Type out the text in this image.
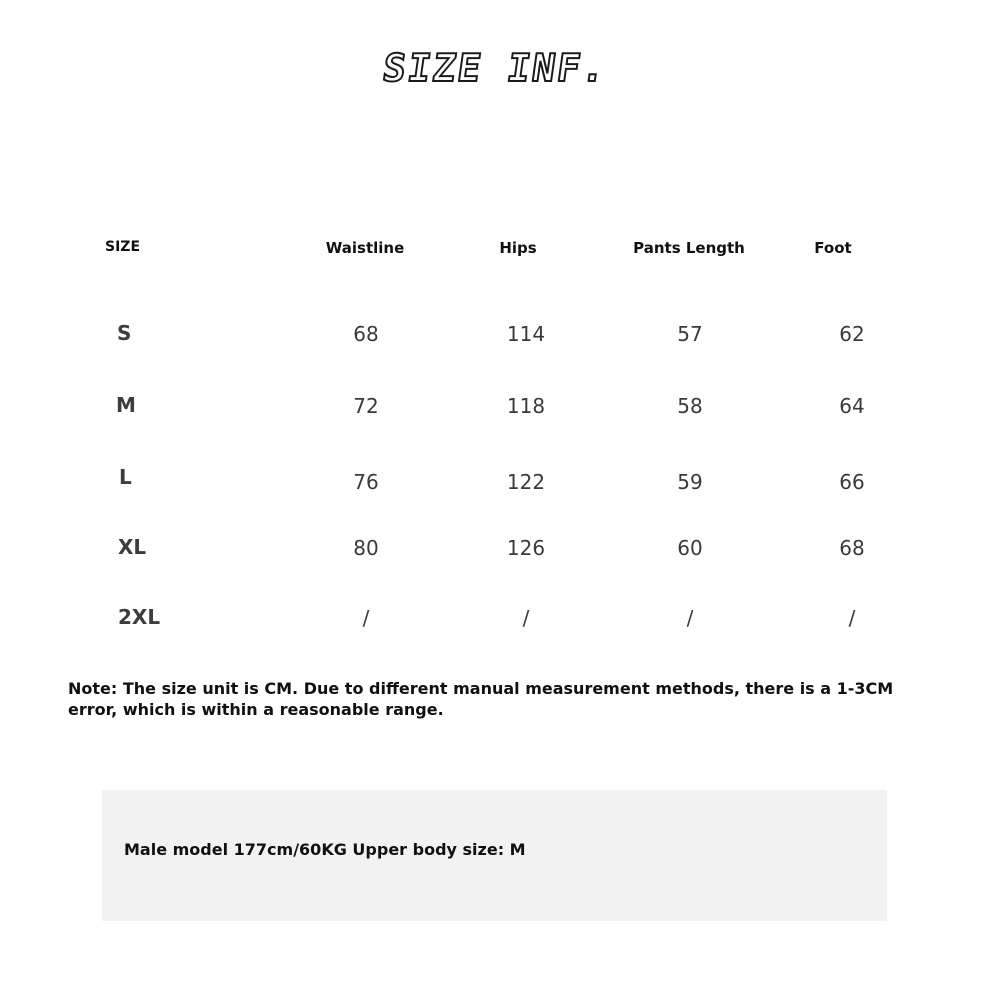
SIZE INF.
SIZE	Waistline	Hips	Pants Length	Foot
S	68	114	57	62
M	72	118	58	64
L	76	122	59	66
XL	80	126	60	68
2XL	/	/	/	/
Note: The size unit is CM. Due to different manual measurement methods, there is a 1-3CM error, which is within a reasonable range.
Male model 177cm/60KG Upper body size: M
